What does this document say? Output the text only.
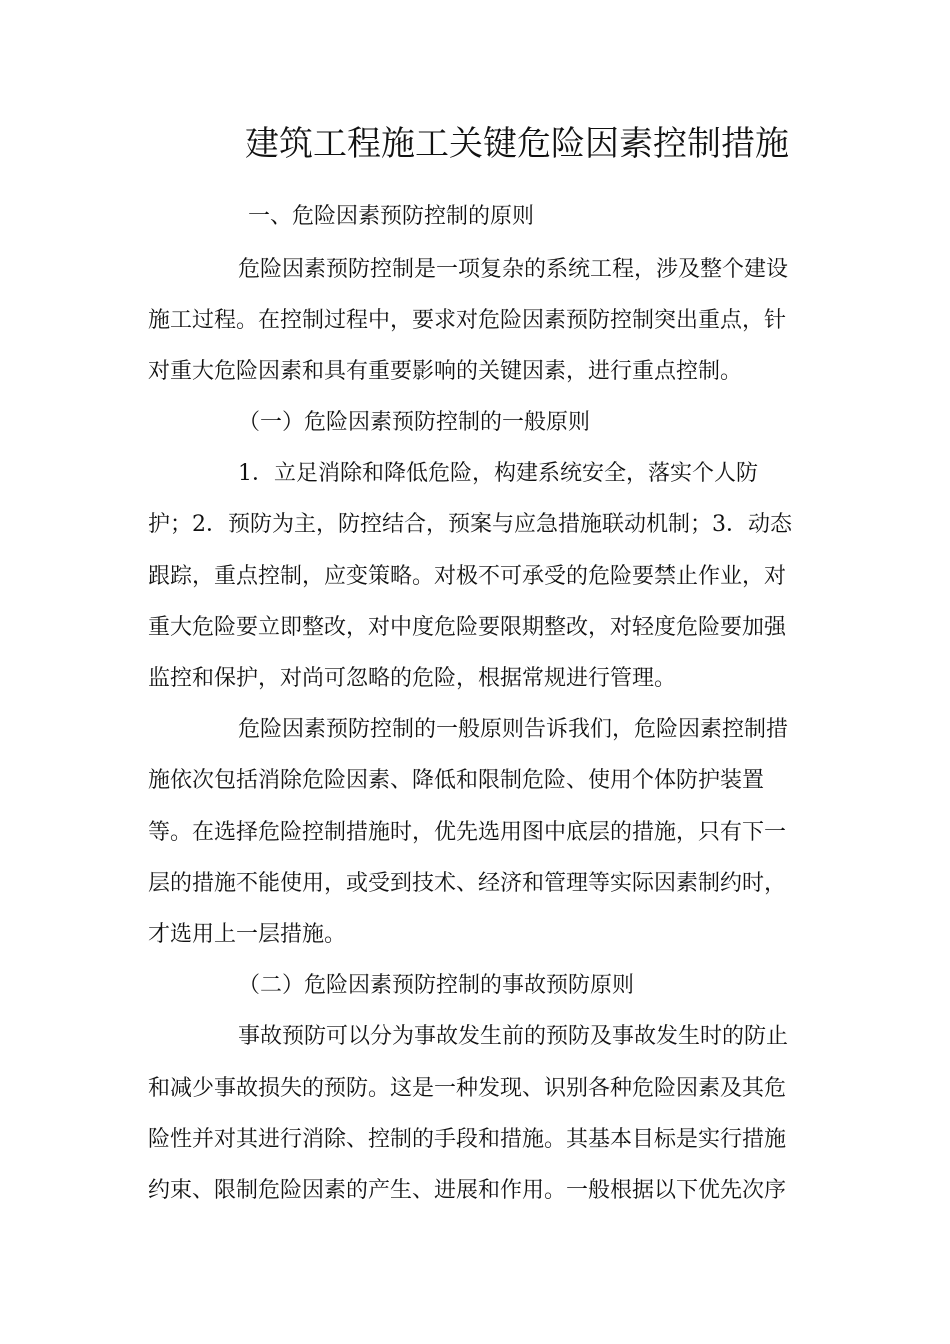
建筑工程施工关键危险因素控制措施
一、危险因素预防控制的原则
危险因素预防控制是一项复杂的系统工程，涉及整个建设
施工过程。在控制过程中，要求对危险因素预防控制突出重点，针
对重大危险因素和具有重要影响的关键因素，进行重点控制。
（一）危险因素预防控制的一般原则
1．立足消除和降低危险，构建系统安全，落实个人防
护；2．预防为主，防控结合，预案与应急措施联动机制；3．动态
跟踪，重点控制，应变策略。对极不可承受的危险要禁止作业，对
重大危险要立即整改，对中度危险要限期整改，对轻度危险要加强
监控和保护，对尚可忽略的危险，根据常规进行管理。
危险因素预防控制的一般原则告诉我们，危险因素控制措
施依次包括消除危险因素、降低和限制危险、使用个体防护装置
等。在选择危险控制措施时，优先选用图中底层的措施，只有下一
层的措施不能使用，或受到技术、经济和管理等实际因素制约时，
才选用上一层措施。
（二）危险因素预防控制的事故预防原则
事故预防可以分为事故发生前的预防及事故发生时的防止
和减少事故损失的预防。这是一种发现、识别各种危险因素及其危
险性并对其进行消除、控制的手段和措施。其基本目标是实行措施
约束、限制危险因素的产生、进展和作用。一般根据以下优先次序
